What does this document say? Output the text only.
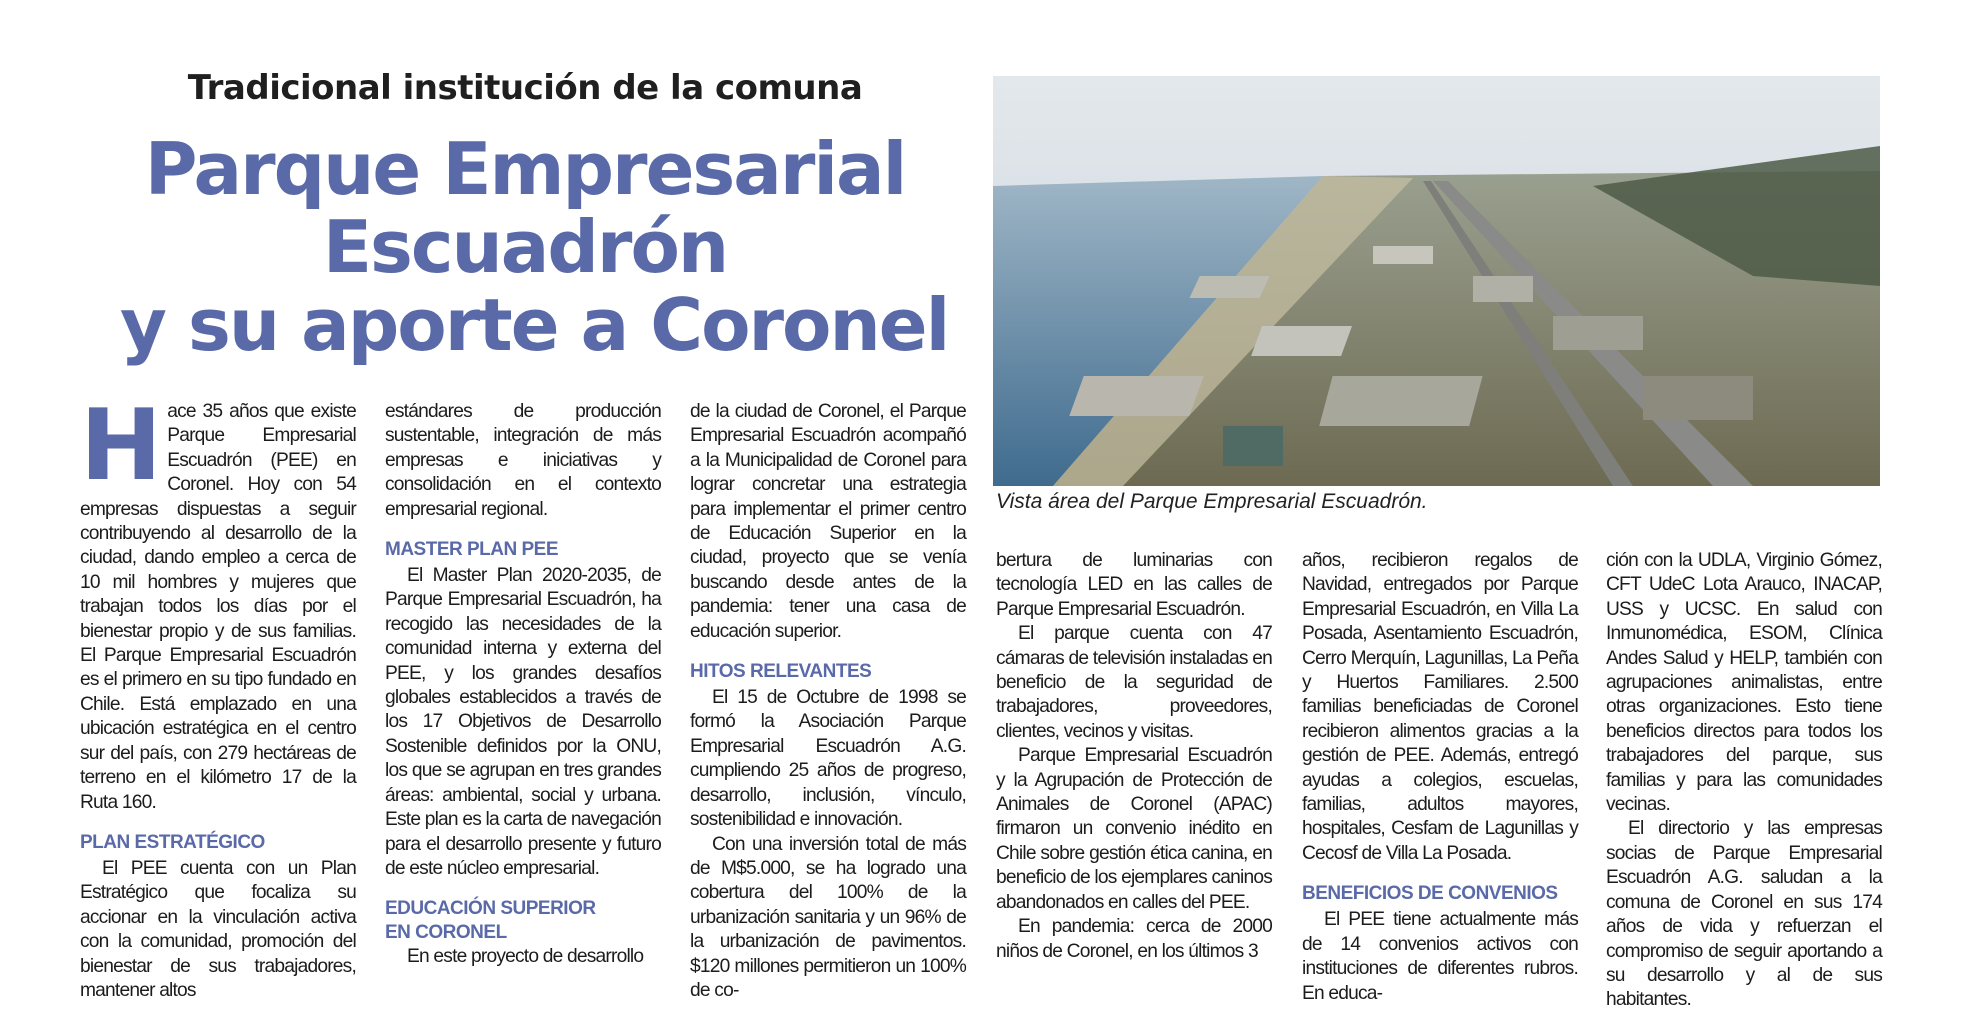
Tradicional institución de la comuna
Parque Empresarial
Escuadrón
y su aporte a Coronel
Vista área del Parque Empresarial Escuadrón.

Hace 35 años que existe Parque Empresarial Escuadrón (PEE) en Coronel. Hoy con 54 empresas dispuestas a seguir contribuyendo al desarrollo de la ciudad, dando empleo a cerca de 10 mil hombres y mujeres que trabajan todos los días por el bienestar propio y de sus familias. El Parque Empresarial Escuadrón es el primero en su tipo fundado en Chile. Está emplazado en una ubicación estratégica en el centro sur del país, con 279 hectáreas de terreno en el kilómetro 17 de la Ruta 160.

PLAN ESTRATÉGICO

El PEE cuenta con un Plan Estratégico que focaliza su accionar en la vinculación activa con la comunidad, promoción del bienestar de sus trabajadores, mantener altos

estándares de producción sustentable, integración de más empresas e iniciativas y consolidación en el contexto empresarial regional.

MASTER PLAN PEE

El Master Plan 2020-2035, de Parque Empresarial Escuadrón, ha recogido las necesidades de la comunidad interna y externa del PEE, y los grandes desafíos globales establecidos a través de los 17 Objetivos de Desarrollo Sostenible definidos por la ONU, los que se agrupan en tres grandes áreas: ambiental, social y urbana. Este plan es la carta de navegación para el desarrollo presente y futuro de este núcleo empresarial.

EDUCACIÓN SUPERIOR
EN CORONEL

En este proyecto de desarrollo

de la ciudad de Coronel, el Parque Empresarial Escuadrón acompañó a la Municipalidad de Coronel para lograr concretar una estrategia para implementar el primer centro de Educación Superior en la ciudad, proyecto que se venía buscando desde antes de la pandemia: tener una casa de educación superior.

HITOS RELEVANTES

El 15 de Octubre de 1998 se formó la Asociación Parque Empresarial Escuadrón A.G. cumpliendo 25 años de progreso, desarrollo, inclusión, vínculo, sostenibilidad e innovación.

Con una inversión total de más de M$5.000, se ha logrado una cobertura del 100% de la urbanización sanitaria y un 96% de la urbanización de pavimentos. $120 millones permitieron un 100% de co-

bertura de luminarias con tecnología LED en las calles de Parque Empresarial Escuadrón.

El parque cuenta con 47 cámaras de televisión instaladas en beneficio de la seguridad de trabajadores, proveedores, clientes, vecinos y visitas.

Parque Empresarial Escuadrón y la Agrupación de Protección de Animales de Coronel (APAC) firmaron un convenio inédito en Chile sobre gestión ética canina, en beneficio de los ejemplares caninos abandonados en calles del PEE.

En pandemia: cerca de 2000 niños de Coronel, en los últimos 3

años, recibieron regalos de Navidad, entregados por Parque Empresarial Escuadrón, en Villa La Posada, Asentamiento Escuadrón, Cerro Merquín, Lagunillas, La Peña y Huertos Familiares. 2.500 familias beneficiadas de Coronel recibieron alimentos gracias a la gestión de PEE. Además, entregó ayudas a colegios, escuelas, familias, adultos mayores, hospitales, Cesfam de Lagunillas y Cecosf de Villa La Posada.

BENEFICIOS DE CONVENIOS

El PEE tiene actualmente más de 14 convenios activos con instituciones de diferentes rubros. En educa-

ción con la UDLA, Virginio Gómez, CFT UdeC Lota Arauco, INACAP, USS y UCSC. En salud con Inmunomédica, ESOM, Clínica Andes Salud y HELP, también con agrupaciones animalistas, entre otras organizaciones. Esto tiene beneficios directos para todos los trabajadores del parque, sus familias y para las comunidades vecinas.

El directorio y las empresas socias de Parque Empresarial Escuadrón A.G. saludan a la comuna de Coronel en sus 174 años de vida y refuerzan el compromiso de seguir aportando a su desarrollo y al de sus habitantes.
